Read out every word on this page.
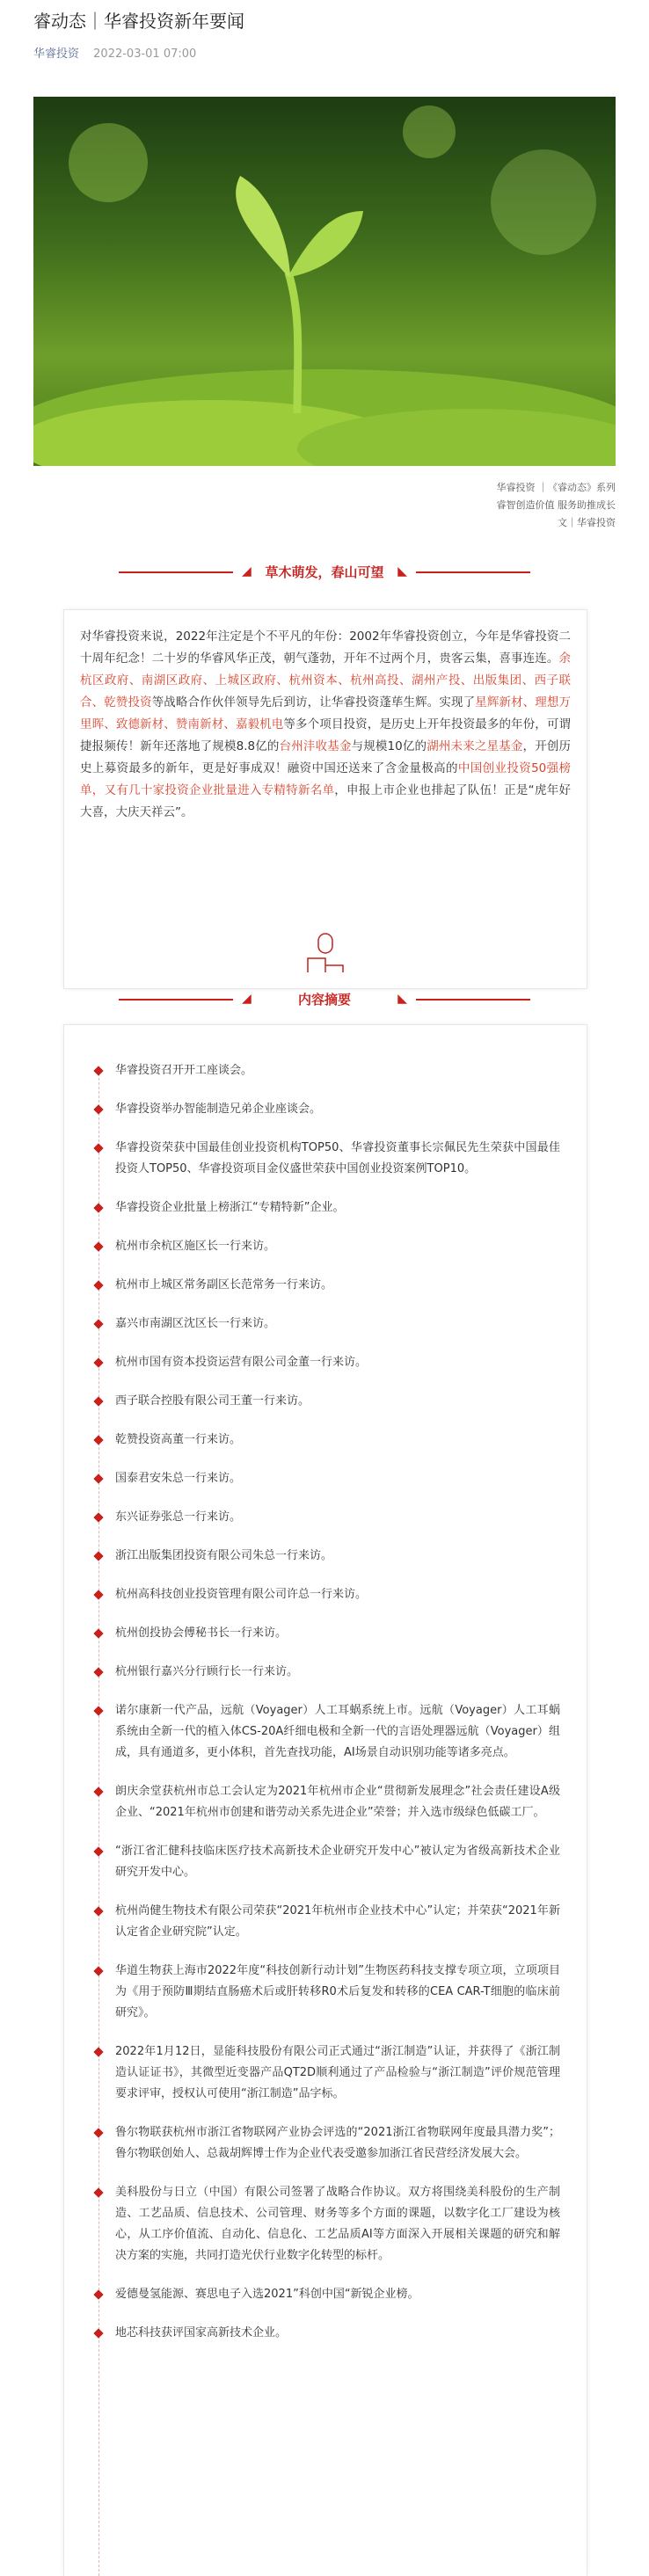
睿动态｜华睿投资新年要闻
华睿投资 2022-03-01 07:00
华睿投资 ｜《睿动态》系列
睿智创造价值 服务助推成长
文｜华睿投资
◢ 草木萌发，春山可望 ◣

对华睿投资来说，2022年注定是个不平凡的年份：2002年华睿投资创立，今年是华睿投资二十周年纪念！二十岁的华睿风华正茂，朝气蓬勃，开年不过两个月，贵客云集，喜事连连。余杭区政府、南湖区政府、上城区政府、杭州资本、杭州高投、湖州产投、出版集团、西子联合、乾赞投资等战略合作伙伴领导先后到访，让华睿投资蓬荜生辉。实现了星辉新材、理想万里晖、致德新材、赞南新材、嘉毅机电等多个项目投资，是历史上开年投资最多的年份，可谓捷报频传！新年还落地了规模8.8亿的台州沣收基金与规模10亿的湖州未来之星基金，开创历史上募资最多的新年，更是好事成双！融资中国还送来了含金量极高的中国创业投资50强榜单，又有几十家投资企业批量进入专精特新名单，申报上市企业也排起了队伍！正是“虎年好大喜，大庆天祥云”。

◢	内容摘要	◣
华睿投资召开开工座谈会。
华睿投资举办智能制造兄弟企业座谈会。
华睿投资荣获中国最佳创业投资机构TOP50、华睿投资董事长宗佩民先生荣获中国最佳投资人TOP50、华睿投资项目金仪盛世荣获中国创业投资案例TOP10。
华睿投资企业批量上榜浙江“专精特新”企业。
杭州市余杭区施区长一行来访。
杭州市上城区常务副区长范常务一行来访。
嘉兴市南湖区沈区长一行来访。
杭州市国有资本投资运营有限公司金董一行来访。
西子联合控股有限公司王董一行来访。
乾赞投资高董一行来访。
国泰君安朱总一行来访。
东兴证券张总一行来访。
浙江出版集团投资有限公司朱总一行来访。
杭州高科技创业投资管理有限公司许总一行来访。
杭州创投协会傅秘书长一行来访。
杭州银行嘉兴分行顾行长一行来访。
诺尔康新一代产品，远航（Voyager）人工耳蜗系统上市。远航（Voyager）人工耳蜗系统由全新一代的植入体CS-20A纤细电极和全新一代的言语处理器远航（Voyager）组成，具有通道多，更小体积，首先查找功能，AI场景自动识别功能等诸多亮点。
朗庆余堂获杭州市总工会认定为2021年杭州市企业“贯彻新发展理念”社会责任建设A级企业、“2021年杭州市创建和谐劳动关系先进企业”荣誉；并入选市级绿色低碳工厂。
“浙江省汇健科技临床医疗技术高新技术企业研究开发中心”被认定为省级高新技术企业研究开发中心。
杭州尚健生物技术有限公司荣获“2021年杭州市企业技术中心”认定；并荣获“2021年新认定省企业研究院”认定。
华道生物获上海市2022年度“科技创新行动计划”生物医药科技支撑专项立项，立项项目为《用于预防Ⅲ期结直肠癌术后或肝转移R0术后复发和转移的CEA CAR-T细胞的临床前研究》。
2022年1月12日，显能科技股份有限公司正式通过“浙江制造”认证，并获得了《浙江制造认证证书》，其微型近变器产品QT2D顺利通过了产品检验与“浙江制造”评价规范管理要求评审，授权认可使用“浙江制造”品字标。
鲁尔物联获杭州市浙江省物联网产业协会评选的“2021浙江省物联网年度最具潜力奖”；鲁尔物联创始人、总裁胡辉博士作为企业代表受邀参加浙江省民营经济发展大会。
美科股份与日立（中国）有限公司签署了战略合作协议。双方将围绕美科股份的生产制造、工艺品质、信息技术、公司管理、财务等多个方面的课题，以数字化工厂建设为核心，从工序价值流、自动化、信息化、工艺品质AI等方面深入开展相关课题的研究和解决方案的实施，共同打造光伏行业数字化转型的标杆。
爱德曼氢能源、赛思电子入选2021”科创中国“新锐企业榜。
地芯科技获评国家高新技术企业。
